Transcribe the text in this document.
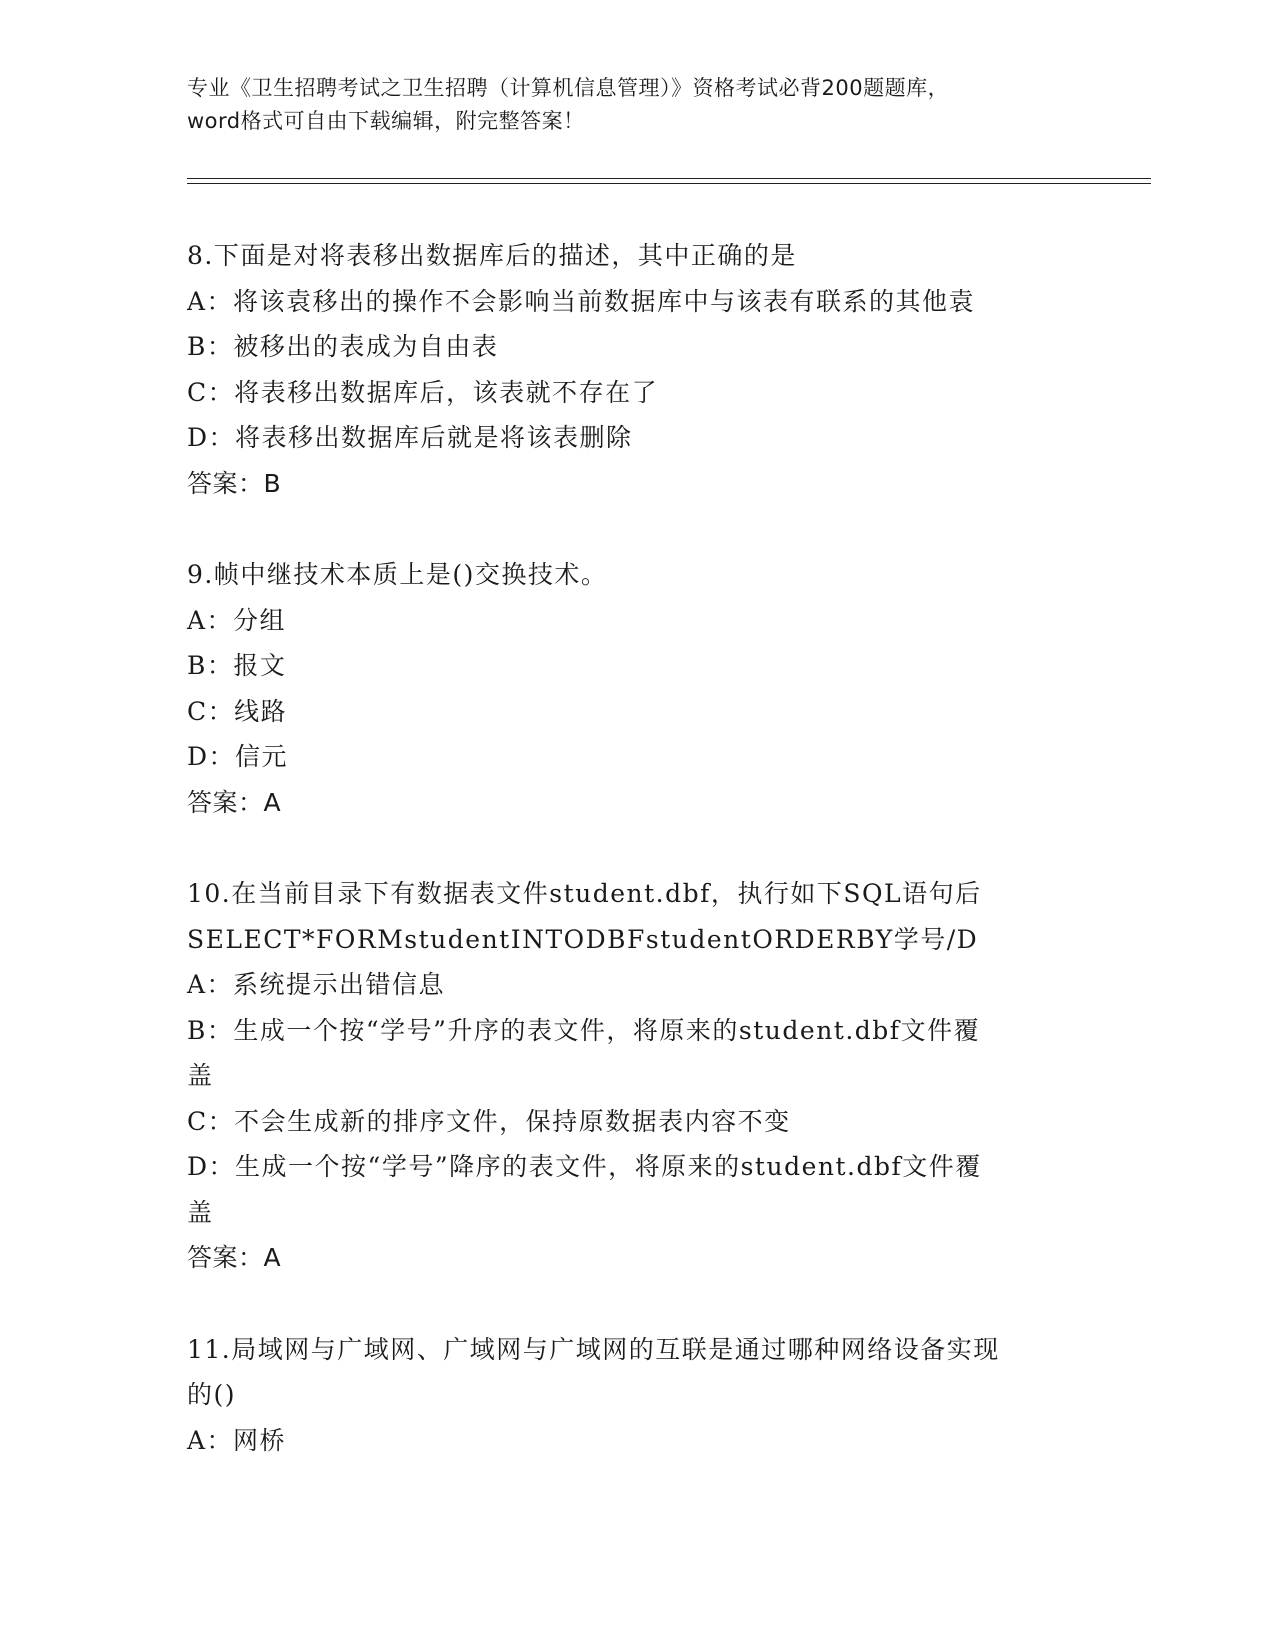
专业《卫生招聘考试之卫生招聘（计算机信息管理）》资格考试必背200题题库，
word格式可自由下载编辑，附完整答案！
8.下面是对将表移出数据库后的描述，其中正确的是
A：将该袁移出的操作不会影响当前数据库中与该表有联系的其他袁
B：被移出的表成为自由表
C：将表移出数据库后，该表就不存在了
D：将表移出数据库后就是将该表删除
答案：B
9.帧中继技术本质上是()交换技术。
A：分组
B：报文
C：线路
D：信元
答案：A
10.在当前目录下有数据表文件student.dbf，执行如下SQL语句后
SELECT*FORMstudentINTODBFstudentORDERBY学号/D
A：系统提示出错信息
B：生成一个按“学号”升序的表文件，将原来的student.dbf文件覆
盖
C：不会生成新的排序文件，保持原数据表内容不变
D：生成一个按“学号”降序的表文件，将原来的student.dbf文件覆
盖
答案：A
11.局域网与广域网、广域网与广域网的互联是通过哪种网络设备实现
的()
A：网桥
